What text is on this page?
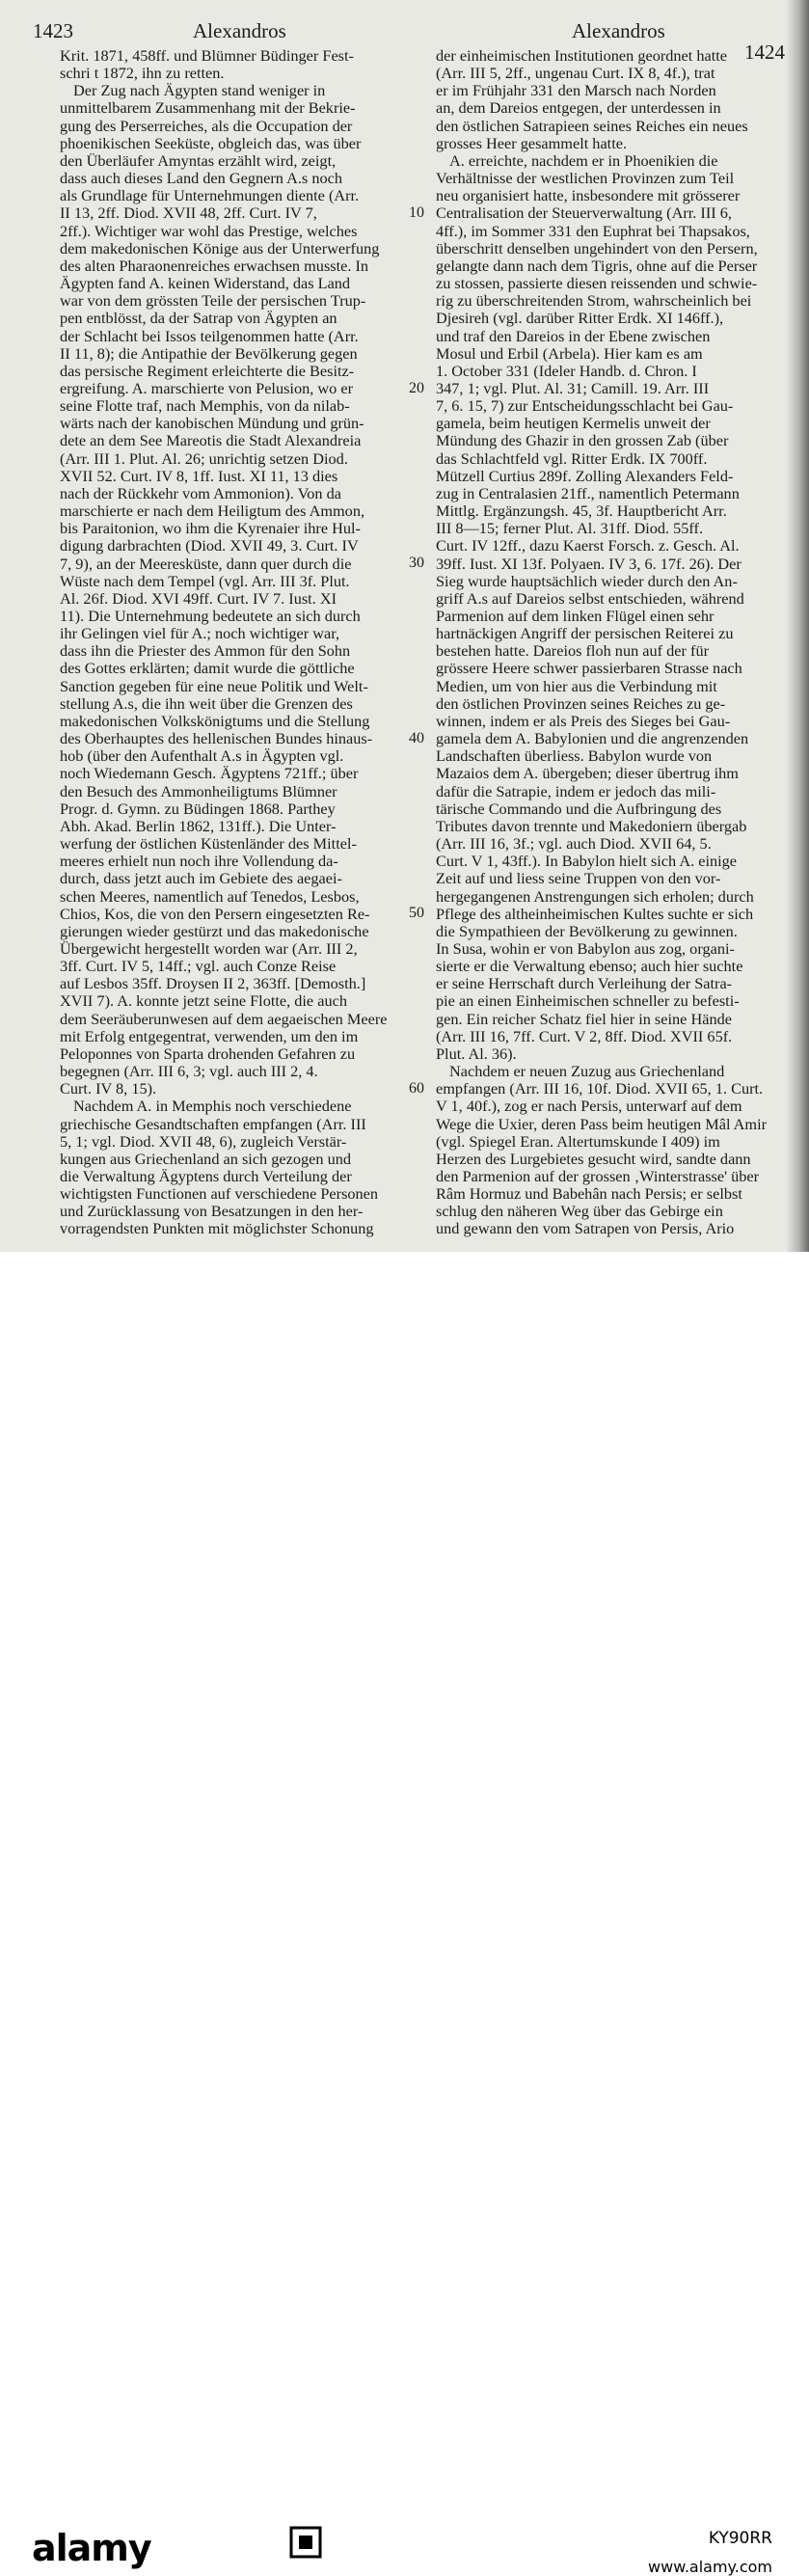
1423	Alexandros	Alexandros
1424
Krit. 1871, 458ff. und Blümner Büdinger Fest-
schri t 1872, ihn zu retten.
Der Zug nach Ägypten stand weniger in
unmittelbarem Zusammenhang mit der Bekrie-
gung des Perserreiches, als die Occupation der
phoenikischen Seeküste, obgleich das, was über
den Überläufer Amyntas erzählt wird, zeigt,
dass auch dieses Land den Gegnern A.s noch
als Grundlage für Unternehmungen diente (Arr.
II 13, 2ff. Diod. XVII 48, 2ff. Curt. IV 7,
2ff.). Wichtiger war wohl das Prestige, welches
dem makedonischen Könige aus der Unterwerfung
des alten Pharaonenreiches erwachsen musste. In
Ägypten fand A. keinen Widerstand, das Land
war von dem grössten Teile der persischen Trup-
pen entblösst, da der Satrap von Ägypten an
der Schlacht bei Issos teilgenommen hatte (Arr.
II 11, 8); die Antipathie der Bevölkerung gegen
das persische Regiment erleichterte die Besitz-
ergreifung. A. marschierte von Pelusion, wo er
seine Flotte traf, nach Memphis, von da nilab-
wärts nach der kanobischen Mündung und grün-
dete an dem See Mareotis die Stadt Alexandreia
(Arr. III 1. Plut. Al. 26; unrichtig setzen Diod.
XVII 52. Curt. IV 8, 1ff. Iust. XI 11, 13 dies
nach der Rückkehr vom Ammonion). Von da
marschierte er nach dem Heiligtum des Ammon,
bis Paraitonion, wo ihm die Kyrenaier ihre Hul-
digung darbrachten (Diod. XVII 49, 3. Curt. IV
7, 9), an der Meeresküste, dann quer durch die
Wüste nach dem Tempel (vgl. Arr. III 3f. Plut.
Al. 26f. Diod. XVI 49ff. Curt. IV 7. Iust. XI
11). Die Unternehmung bedeutete an sich durch
ihr Gelingen viel für A.; noch wichtiger war,
dass ihn die Priester des Ammon für den Sohn
des Gottes erklärten; damit wurde die göttliche
Sanction gegeben für eine neue Politik und Welt-
stellung A.s, die ihn weit über die Grenzen des
makedonischen Volkskönigtums und die Stellung
des Oberhauptes des hellenischen Bundes hinaus-
hob (über den Aufenthalt A.s in Ägypten vgl.
noch Wiedemann Gesch. Ägyptens 721ff.; über
den Besuch des Ammonheiligtums Blümner
Progr. d. Gymn. zu Büdingen 1868. Parthey
Abh. Akad. Berlin 1862, 131ff.). Die Unter-
werfung der östlichen Küstenländer des Mittel-
meeres erhielt nun noch ihre Vollendung da-
durch, dass jetzt auch im Gebiete des aegaei-
schen Meeres, namentlich auf Tenedos, Lesbos,
Chios, Kos, die von den Persern eingesetzten Re-
gierungen wieder gestürzt und das makedonische
Übergewicht hergestellt worden war (Arr. III 2,
3ff. Curt. IV 5, 14ff.; vgl. auch Conze Reise
auf Lesbos 35ff. Droysen II 2, 363ff. [Demosth.]
XVII 7). A. konnte jetzt seine Flotte, die auch
dem Seeräuberunwesen auf dem aegaeischen Meere
mit Erfolg entgegentrat, verwenden, um den im
Peloponnes von Sparta drohenden Gefahren zu
begegnen (Arr. III 6, 3; vgl. auch III 2, 4.
Curt. IV 8, 15).
Nachdem A. in Memphis noch verschiedene
griechische Gesandtschaften empfangen (Arr. III
5, 1; vgl. Diod. XVII 48, 6), zugleich Verstär-
kungen aus Griechenland an sich gezogen und
die Verwaltung Ägyptens durch Verteilung der
wichtigsten Functionen auf verschiedene Personen
und Zurücklassung von Besatzungen in den her-
vorragendsten Punkten mit möglichster Schonung
der einheimischen Institutionen geordnet hatte
(Arr. III 5, 2ff., ungenau Curt. IX 8, 4f.), trat
er im Frühjahr 331 den Marsch nach Norden
an, dem Dareios entgegen, der unterdessen in
den östlichen Satrapieen seines Reiches ein neues
grosses Heer gesammelt hatte.
A. erreichte, nachdem er in Phoenikien die
Verhältnisse der westlichen Provinzen zum Teil
neu organisiert hatte, insbesondere mit grösserer
Centralisation der Steuerverwaltung (Arr. III 6,
4ff.), im Sommer 331 den Euphrat bei Thapsakos,
überschritt denselben ungehindert von den Persern,
gelangte dann nach dem Tigris, ohne auf die Perser
zu stossen, passierte diesen reissenden und schwie-
rig zu überschreitenden Strom, wahrscheinlich bei
Djesireh (vgl. darüber Ritter Erdk. XI 146ff.),
und traf den Dareios in der Ebene zwischen
Mosul und Erbil (Arbela). Hier kam es am
1. October 331 (Ideler Handb. d. Chron. I
347, 1; vgl. Plut. Al. 31; Camill. 19. Arr. III
7, 6. 15, 7) zur Entscheidungsschlacht bei Gau-
gamela, beim heutigen Kermelis unweit der
Mündung des Ghazir in den grossen Zab (über
das Schlachtfeld vgl. Ritter Erdk. IX 700ff.
Mützell Curtius 289f. Zolling Alexanders Feld-
zug in Centralasien 21ff., namentlich Petermann
Mittlg. Ergänzungsh. 45, 3f. Hauptbericht Arr.
III 8—15; ferner Plut. Al. 31ff. Diod. 55ff.
Curt. IV 12ff., dazu Kaerst Forsch. z. Gesch. Al.
39ff. Iust. XI 13f. Polyaen. IV 3, 6. 17f. 26). Der
Sieg wurde hauptsächlich wieder durch den An-
griff A.s auf Dareios selbst entschieden, während
Parmenion auf dem linken Flügel einen sehr
hartnäckigen Angriff der persischen Reiterei zu
bestehen hatte. Dareios floh nun auf der für
grössere Heere schwer passierbaren Strasse nach
Medien, um von hier aus die Verbindung mit
den östlichen Provinzen seines Reiches zu ge-
winnen, indem er als Preis des Sieges bei Gau-
gamela dem A. Babylonien und die angrenzenden
Landschaften überliess. Babylon wurde von
Mazaios dem A. übergeben; dieser übertrug ihm
dafür die Satrapie, indem er jedoch das mili-
tärische Commando und die Aufbringung des
Tributes davon trennte und Makedoniern übergab
(Arr. III 16, 3f.; vgl. auch Diod. XVII 64, 5.
Curt. V 1, 43ff.). In Babylon hielt sich A. einige
Zeit auf und liess seine Truppen von den vor-
hergegangenen Anstrengungen sich erholen; durch
Pflege des altheinheimischen Kultes suchte er sich
die Sympathieen der Bevölkerung zu gewinnen.
In Susa, wohin er von Babylon aus zog, organi-
sierte er die Verwaltung ebenso; auch hier suchte
er seine Herrschaft durch Verleihung der Satra-
pie an einen Einheimischen schneller zu befesti-
gen. Ein reicher Schatz fiel hier in seine Hände
(Arr. III 16, 7ff. Curt. V 2, 8ff. Diod. XVII 65f.
Plut. Al. 36).
Nachdem er neuen Zuzug aus Griechenland
empfangen (Arr. III 16, 10f. Diod. XVII 65, 1. Curt.
V 1, 40f.), zog er nach Persis, unterwarf auf dem
Wege die Uxier, deren Pass beim heutigen Mâl Amir
(vgl. Spiegel Eran. Altertumskunde I 409) im
Herzen des Lurgebietes gesucht wird, sandte dann
den Parmenion auf der grossen ‚Winterstrasse' über
Râm Hormuz und Babehân nach Persis; er selbst
schlug den näheren Weg über das Gebirge ein
und gewann den vom Satrapen von Persis, Ario
10
20
30
40
50
60
alamy	KY90RR
www.alamy.com
